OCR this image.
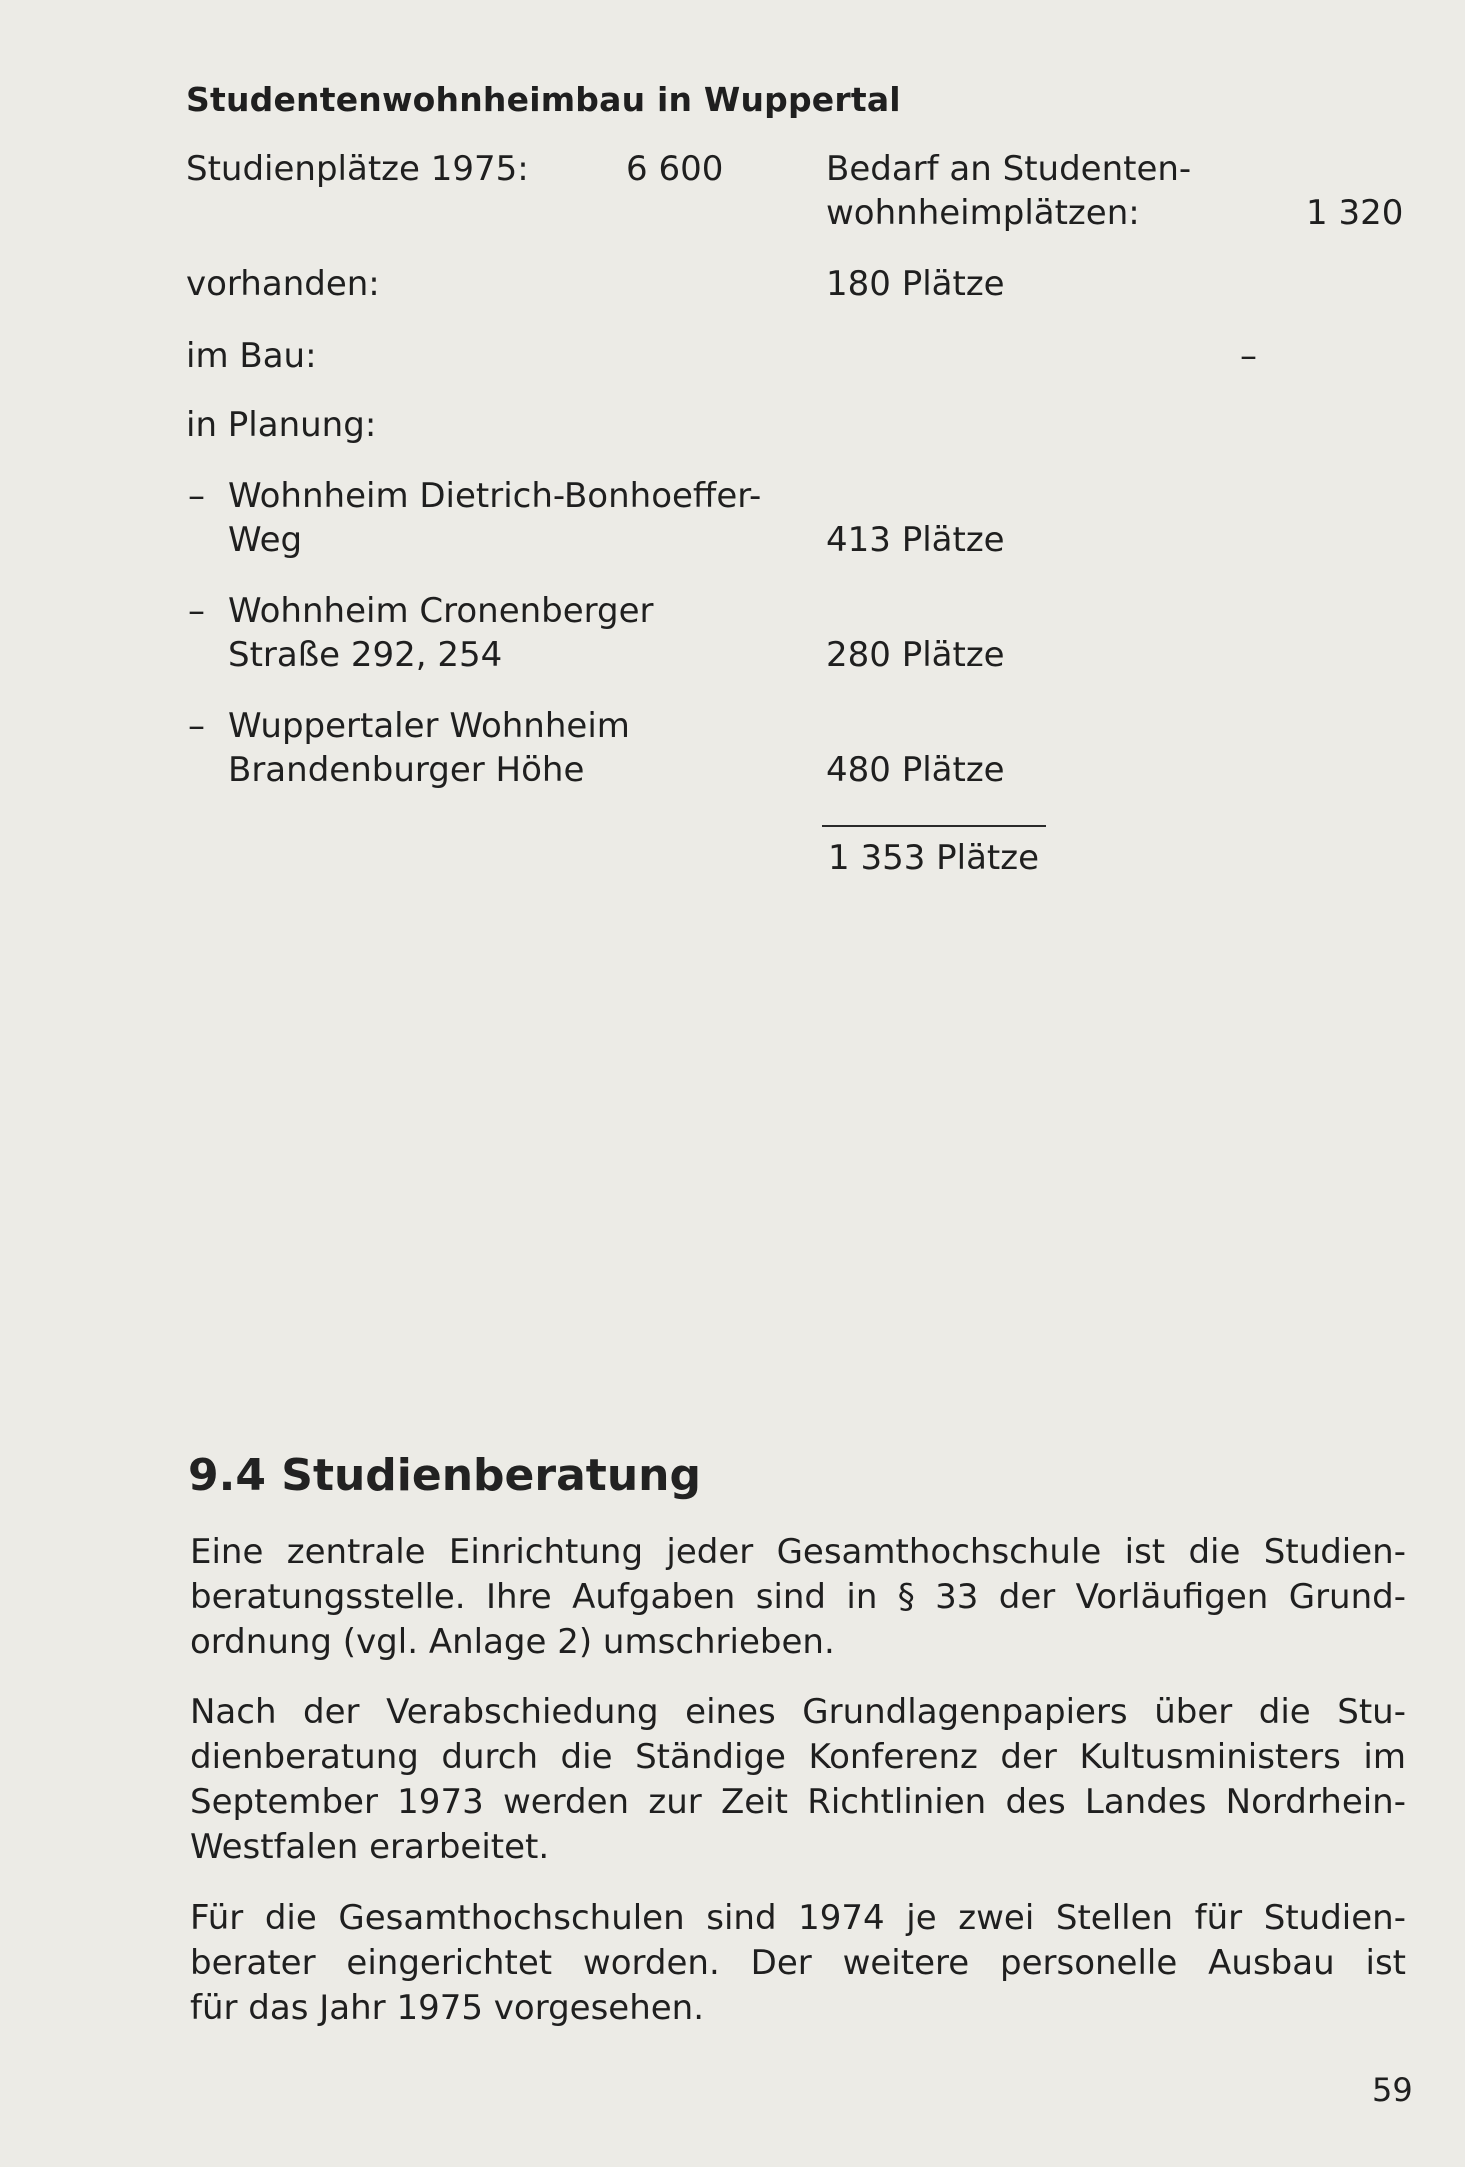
Studentenwohnheimbau in Wuppertal
Studienplätze 1975:	6 600	Bedarf an Studenten-
wohnheimplätzen:	1 320
vorhanden:	180 Plätze
im Bau:	–
in Planung:
– Wohnheim Dietrich-Bonhoeffer-
Weg	413 Plätze
– Wohnheim Cronenberger
Straße 292, 254	280 Plätze
– Wuppertaler Wohnheim
Brandenburger Höhe	480 Plätze
1 353 Plätze
9.4 Studienberatung
Eine zentrale Einrichtung jeder Gesamthochschule ist die Studien-
beratungsstelle. Ihre Aufgaben sind in § 33 der Vorläufigen Grund-
ordnung (vgl. Anlage 2) umschrieben.
Nach der Verabschiedung eines Grundlagenpapiers über die Stu-
dienberatung durch die Ständige Konferenz der Kultusministers im
September 1973 werden zur Zeit Richtlinien des Landes Nordrhein-
Westfalen erarbeitet.
Für die Gesamthochschulen sind 1974 je zwei Stellen für Studien-
berater eingerichtet worden. Der weitere personelle Ausbau ist
für das Jahr 1975 vorgesehen.
59
